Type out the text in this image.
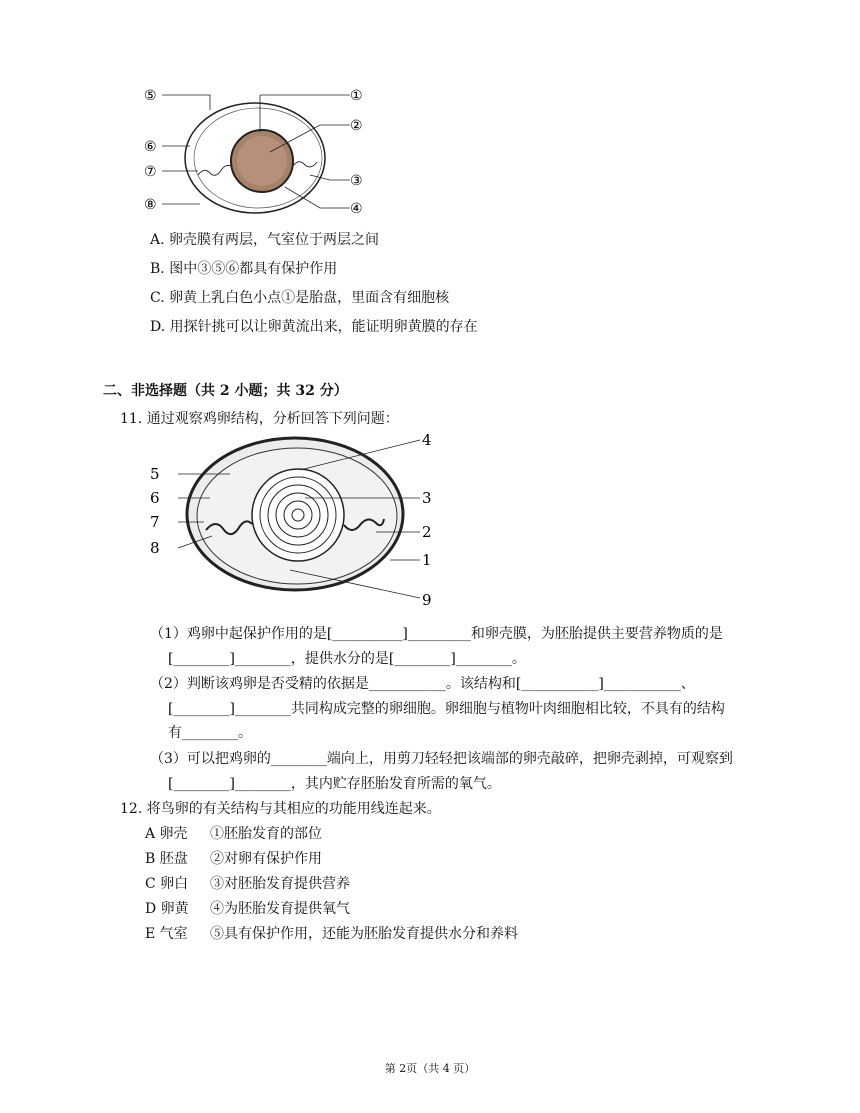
⑤	①
②
⑥
⑦
③
⑧	④
A. 卵壳膜有两层，气室位于两层之间
B. 图中③⑤⑥都具有保护作用
C. 卵黄上乳白色小点①是胎盘，里面含有细胞核
D. 用探针挑可以让卵黄流出来，能证明卵黄膜的存在
二、非选择题（共 2 小题；共 32 分）
11. 通过观察鸡卵结构，分析回答下列问题：
5
6
7
8
4
3
2
1
9
（1）鸡卵中起保护作用的是[__________]_________和卵壳膜，为胚胎提供主要营养物质的是
[________]________，提供水分的是[________]________。
（2）判断该鸡卵是否受精的依据是___________。该结构和[___________]___________、
[________]________共同构成完整的卵细胞。卵细胞与植物叶肉细胞相比较，不具有的结构
有________。
（3）可以把鸡卵的________端向上，用剪刀轻轻把该端部的卵壳敲碎，把卵壳剥掉，可观察到
[________]________，其内贮存胚胎发育所需的氧气。
12. 将鸟卵的有关结构与其相应的功能用线连起来。
A 卵壳 ①胚胎发育的部位
B 胚盘 ②对卵有保护作用
C 卵白 ③对胚胎发育提供营养
D 卵黄 ④为胚胎发育提供氧气
E 气室 ⑤具有保护作用，还能为胚胎发育提供水分和养料
第 2页（共 4 页）
